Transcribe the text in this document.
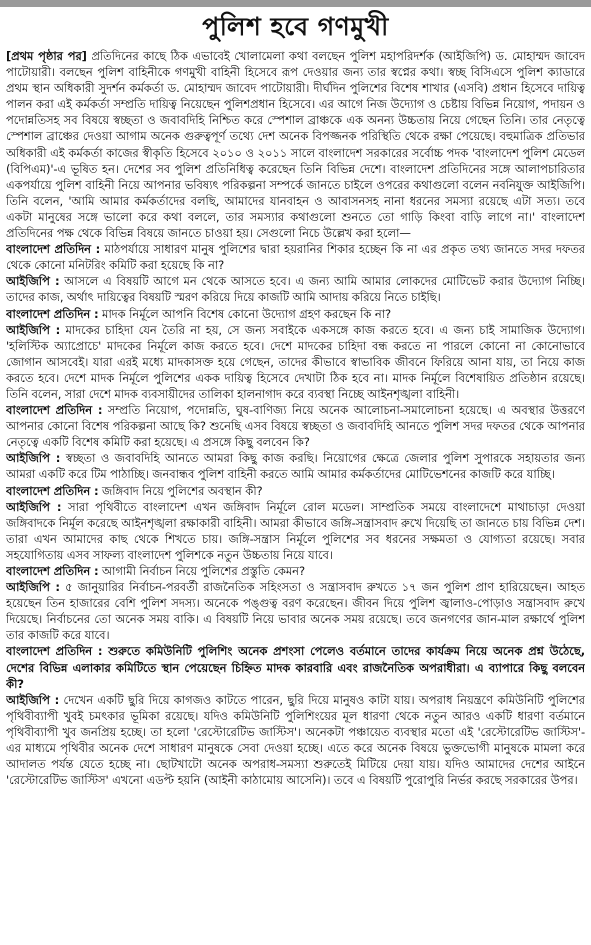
পুলিশ হবে গণমুখী

[প্রথম পৃষ্ঠার পর] প্রতিদিনের কাছে ঠিক এভাবেই খোলামেলা কথা বলছেন পুলিশ মহাপরিদর্শক (আইজিপি) ড. মোহাম্মদ জাবেদ পাটোয়ারী। বলছেন পুলিশ বাহিনীকে গণমুখী বাহিনী হিসেবে রূপ দেওয়ার জন্য তার স্বপ্নের কথা। স্বচ্ছ বিসিএসে পুলিশ ক্যাডারে প্রথম স্থান অধিকারী সুদর্শন কর্মকর্তা ড. মোহাম্মদ জাবেদ পাটোয়ারী। দীর্ঘদিন পুলিশের বিশেষ শাখার (এসবি) প্রধান হিসেবে দায়িত্ব পালন করা এই কর্মকর্তা সম্প্রতি দায়িত্ব নিয়েছেন পুলিশপ্রধান হিসেবে। এর আগে নিজ উদ্যোগ ও চেষ্টায় বিভিন্ন নিয়োগ, পদায়ন ও পদোন্নতিসহ সব বিষয়ে স্বচ্ছতা ও জবাবদিহি নিশ্চিত করে স্পেশাল ব্রাঞ্চকে এক অনন্য উচ্চতায় নিয়ে গেছেন তিনি। তার নেতৃত্বে স্পেশাল ব্রাঞ্চের দেওয়া আগাম অনেক গুরুত্বপূর্ণ তথ্যে দেশ অনেক বিপজ্জনক পরিস্থিতি থেকে রক্ষা পেয়েছে। বহুমাত্রিক প্রতিভার অধিকারী এই কর্মকর্তা কাজের স্বীকৃতি হিসেবে ২০১০ ও ২০১১ সালে বাংলাদেশ সরকারের সর্বোচ্চ পদক 'বাংলাদেশ পুলিশ মেডেল (বিপিএম)'-এ ভূষিত হন। দেশের সব পুলিশ প্রতিনিধিত্ব করেছেন তিনি বিভিন্ন দেশে। বাংলাদেশ প্রতিদিনের সঙ্গে আলাপচারিতার একপর্যায়ে পুলিশ বাহিনী নিয়ে আপনার ভবিষ্যৎ পরিকল্পনা সম্পর্কে জানতে চাইলে ওপরের কথাগুলো বলেন নবনিযুক্ত আইজিপি। তিনি বলেন, 'আমি আমার কর্মকর্তাদের বলছি, আমাদের যানবাহন ও আবাসনসহ নানা ধরনের সমস্যা রয়েছে এটা সত্য। তবে একটা মানুষের সঙ্গে ভালো করে কথা বললে, তার সমস্যার কথাগুলো শুনতে তো গাড়ি কিংবা বাড়ি লাগে না।' বাংলাদেশ প্রতিদিনের পক্ষ থেকে বিভিন্ন বিষয়ে জানতে চাওয়া হয়। সেগুলো নিচে উল্লেখ করা হলো—

বাংলাদেশ প্রতিদিন : মাঠপর্যায়ে সাধারণ মানুষ পুলিশের দ্বারা হয়রানির শিকার হচ্ছেন কি না এর প্রকৃত তথ্য জানতে সদর দফতর থেকে কোনো মনিটরিং কমিটি করা হয়েছে কি না?

আইজিপি : আসলে এ বিষয়টি আগে মন থেকে আসতে হবে। এ জন্য আমি আমার লোকদের মোটিভেট করার উদ্যোগ নিচ্ছি। তাদের কাজ, অর্থাৎ দায়িত্বের বিষয়টি স্মরণ করিয়ে দিয়ে কাজটি আমি আদায় করিয়ে নিতে চাইছি।

বাংলাদেশ প্রতিদিন : মাদক নির্মূলে আপনি বিশেষ কোনো উদ্যোগ গ্রহণ করছেন কি না?

আইজিপি : মাদকের চাহিদা যেন তৈরি না হয়, সে জন্য সবাইকে একসঙ্গে কাজ করতে হবে। এ জন্য চাই সামাজিক উদ্যোগ। 'হলিস্টিক অ্যাপ্রোচে' মাদকের নির্মূলে কাজ করতে হবে। দেশে মাদকের চাহিদা বন্ধ করতে না পারলে কোনো না কোনোভাবে জোগান আসবেই। যারা এরই মধ্যে মাদকাসক্ত হয়ে গেছেন, তাদের কীভাবে স্বাভাবিক জীবনে ফিরিয়ে আনা যায়, তা নিয়ে কাজ করতে হবে। দেশে মাদক নির্মূলে পুলিশের একক দায়িত্ব হিসেবে দেখাটা ঠিক হবে না। মাদক নির্মূলে বিশেষায়িত প্রতিষ্ঠান রয়েছে। তিনি বলেন, সারা দেশে মাদক ব্যবসায়ীদের তালিকা হালনাগাদ করে ব্যবস্থা নিচ্ছে আইনশৃঙ্খলা বাহিনী।

বাংলাদেশ প্রতিদিন : সম্প্রতি নিয়োগ, পদোন্নতি, ঘুষ-বাণিজ্য নিয়ে অনেক আলোচনা-সমালোচনা হয়েছে। এ অবস্থার উত্তরণে আপনার কোনো বিশেষ পরিকল্পনা আছে কি? শুনেছি এসব বিষয়ে স্বচ্ছতা ও জবাবদিহি আনতে পুলিশ সদর দফতর থেকে আপনার নেতৃত্বে একটি বিশেষ কমিটি করা হয়েছে। এ প্রসঙ্গে কিছু বলবেন কি?

আইজিপি : স্বচ্ছতা ও জবাবদিহি আনতে আমরা কিছু কাজ করছি। নিয়োগের ক্ষেত্রে জেলার পুলিশ সুপারকে সহায়তার জন্য আমরা একটি করে টিম পাঠাচ্ছি। জনবান্ধব পুলিশ বাহিনী করতে আমি আমার কর্মকর্তাদের মোটিভেশনের কাজটি করে যাচ্ছি।

বাংলাদেশ প্রতিদিন : জঙ্গিবাদ নিয়ে পুলিশের অবস্থান কী?

আইজিপি : সারা পৃথিবীতে বাংলাদেশ এখন জঙ্গিবাদ নির্মূলে রোল মডেল। সাম্প্রতিক সময়ে বাংলাদেশে মাথাচাড়া দেওয়া জঙ্গিবাদকে নির্মূল করেছে আইনশৃঙ্খলা রক্ষাকারী বাহিনী। আমরা কীভাবে জঙ্গি-সন্ত্রাসবাদ রুখে দিয়েছি তা জানতে চায় বিভিন্ন দেশ। তারা এখন আমাদের কাছ থেকে শিখতে চায়। জঙ্গি-সন্ত্রাস নির্মূলে পুলিশের সব ধরনের সক্ষমতা ও যোগ্যতা রয়েছে। সবার সহযোগিতায় এসব সাফল্য বাংলাদেশ পুলিশকে নতুন উচ্চতায় নিয়ে যাবে।

বাংলাদেশ প্রতিদিন : আগামী নির্বাচন নিয়ে পুলিশের প্রস্তুতি কেমন?

আইজিপি : ৫ জানুয়ারির নির্বাচন-পরবর্তী রাজনৈতিক সহিংসতা ও সন্ত্রাসবাদ রুখতে ১৭ জন পুলিশ প্রাণ হারিয়েছেন। আহত হয়েছেন তিন হাজারের বেশি পুলিশ সদস্য। অনেকে পঙ্গুত্ব বরণ করেছেন। জীবন দিয়ে পুলিশ জ্বালাও-পোড়াও সন্ত্রাসবাদ রুখে দিয়েছে। নির্বাচনের তো অনেক সময় বাকি। এ বিষয়টি নিয়ে ভাবার অনেক সময় রয়েছে। তবে জনগণের জান-মাল রক্ষার্থে পুলিশ তার কাজটি করে যাবে।

বাংলাদেশ প্রতিদিন : শুরুতে কমিউনিটি পুলিশিং অনেক প্রশংসা পেলেও বর্তমানে তাদের কার্যক্রম নিয়ে অনেক প্রশ্ন উঠেছে, দেশের বিভিন্ন এলাকার কমিটিতে স্থান পেয়েছেন চিহ্নিত মাদক কারবারি এবং রাজনৈতিক অপরাধীরা। এ ব্যাপারে কিছু বলবেন কী?

আইজিপি : দেখেন একটি ছুরি দিয়ে কাগজও কাটতে পারেন, ছুরি দিয়ে মানুষও কাটা যায়। অপরাধ নিয়ন্ত্রণে কমিউনিটি পুলিশের পৃথিবীব্যাপী খুবই চমৎকার ভূমিকা রয়েছে। যদিও কমিউনিটি পুলিশিংয়ের মূল ধারণা থেকে নতুন আরও একটি ধারণা বর্তমানে পৃথিবীব্যাপী খুব জনপ্রিয় হচ্ছে। তা হলো 'রেস্টোরেটিভ জাস্টিস'। অনেকটা পঞ্চায়েত ব্যবস্থার মতো এই 'রেস্টোরেটিভ জাস্টিস'-এর মাধ্যমে পৃথিবীর অনেক দেশে সাধারণ মানুষকে সেবা দেওয়া হচ্ছে। এতে করে অনেক বিষয়ে ভুক্তভোগী মানুষকে মামলা করে আদালত পর্যন্ত যেতে হচ্ছে না। ছোটখাটো অনেক অপরাধ-সমস্যা শুরুতেই মিটিয়ে দেয়া যায়। যদিও আমাদের দেশের আইনে 'রেস্টোরেটিভ জাস্টিস' এখনো এডপ্ট হয়নি (আইনী কাঠামোয় আসেনি)। তবে এ বিষয়টি পুরোপুরি নির্ভর করছে সরকারের উপর।
